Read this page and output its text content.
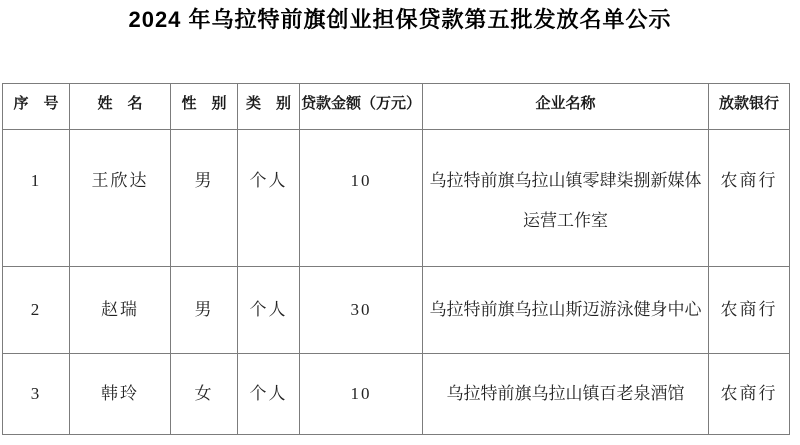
2024 年乌拉特前旗创业担保贷款第五批发放名单公示
序　号	姓　名	性　别	类　别	贷款金额（万元）	企业名称	放款银行
1	王欣达	男	个人	10	乌拉特前旗乌拉山镇零肆柒捌新媒体运营工作室	农商行
2	赵瑞	男	个人	30	乌拉特前旗乌拉山斯迈游泳健身中心	农商行
3	韩玲	女	个人	10	乌拉特前旗乌拉山镇百老泉酒馆	农商行
